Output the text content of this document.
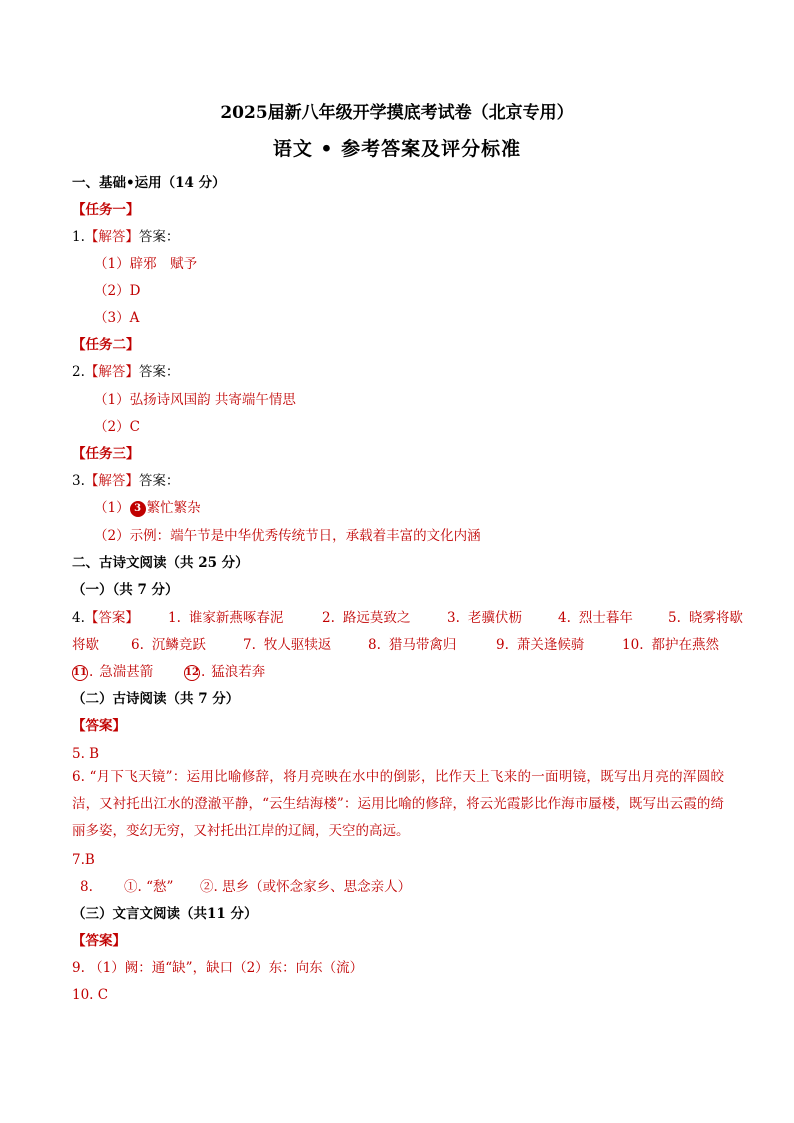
2025届新八年级开学摸底考试卷（北京专用）
语文 • 参考答案及评分标准
一、基础•运用（14 分）
【任务一】
1.【解答】答案：
（1）辟邪　赋予
（2）D
（3）A
【任务二】
2.【解答】答案：
（1）弘扬诗风国韵 共寄端午情思
（2）C
【任务三】
3.【解答】答案：
（1） 3 繁忙繁杂
（2）示例：端午节是中华优秀传统节日，承载着丰富的文化内涵
二、古诗文阅读（共 25 分）
（一）（共 7 分）
4.【答案】 1. 谁家新燕啄春泥	2. 路远莫致之	3. 老骥伏枥	4. 烈士暮年	5. 晓雾将歇
将歇 6. 沉鳞竞跃	7. 牧人驱犊返	8. 猎马带禽归	9. 萧关逢候骑	10. 都护在燕然
11 . 急湍甚箭	12 . 猛浪若奔
（二）古诗阅读（共 7 分）
【答案】
5. B
6. “月下飞天镜”：运用比喻修辞，将月亮映在水中的倒影，比作天上飞来的一面明镜，既写出月亮的浑圆皎洁，又衬托出江水的澄澈平静，“云生结海楼”：运用比喻的修辞，将云光霞影比作海市蜃楼，既写出云霞的绮丽多姿，变幻无穷，又衬托出江岸的辽阔，天空的高远。
7.B
8. ①. “愁” ②. 思乡（或怀念家乡、思念亲人）
（三）文言文阅读（共11 分）
【答案】
9. （1）阙：通“缺”，缺口（2）东：向东（流）
10. C
